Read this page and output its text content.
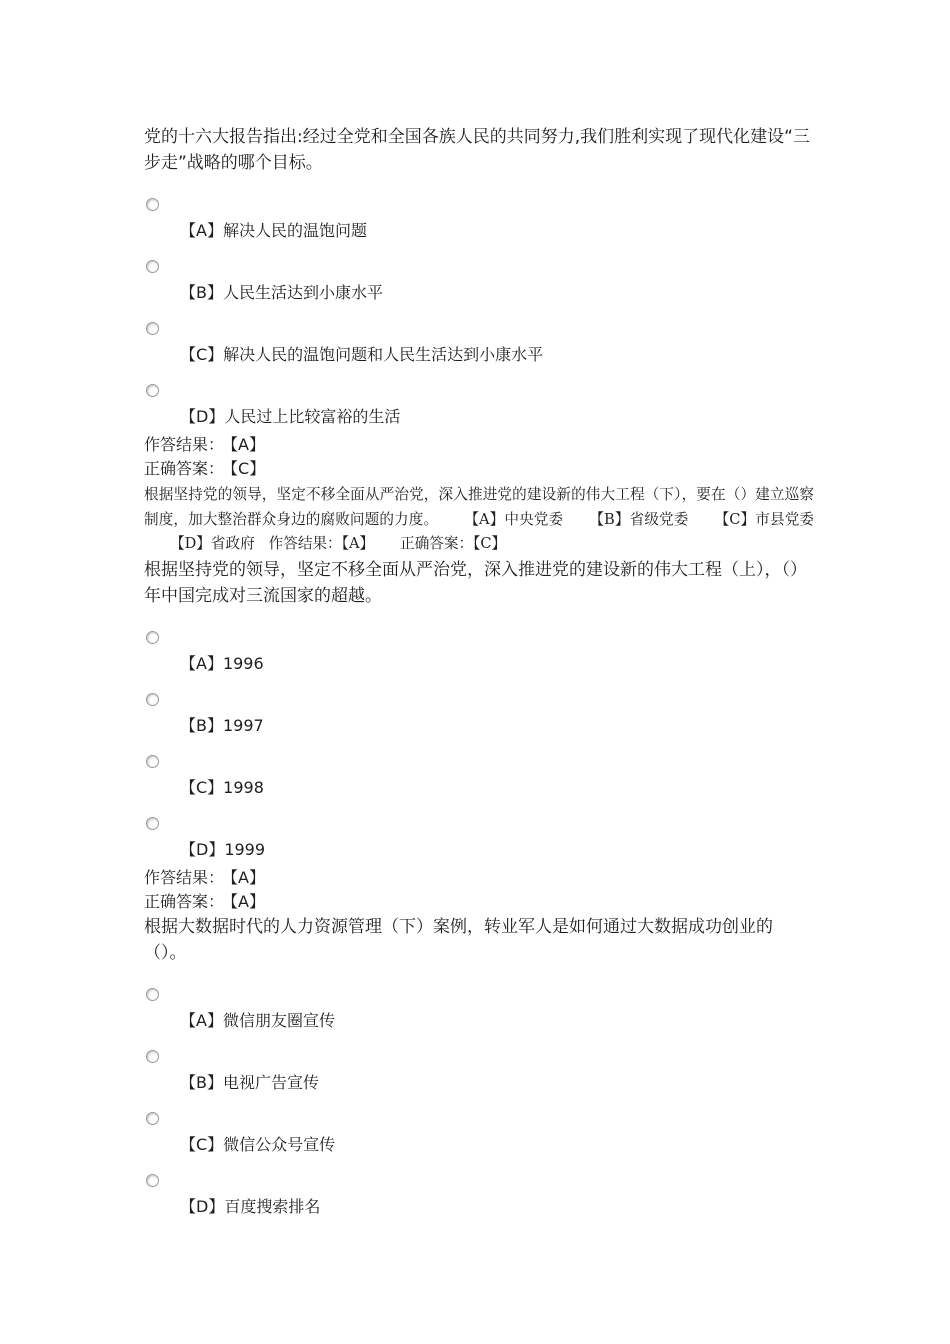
党的十六大报告指出:经过全党和全国各族人民的共同努力,我们胜利实现了现代化建设“三步走”战略的哪个目标。

【A】解决人民的温饱问题
【B】人民生活达到小康水平
【C】解决人民的温饱问题和人民生活达到小康水平
【D】人民过上比较富裕的生活

作答结果： 【A】

正确答案： 【C】

根据坚持党的领导，坚定不移全面从严治党，深入推进党的建设新的伟大工程（下），要在（）建立巡察制度，加大整治群众身边的腐败问题的力度。 【A】中央党委 【B】省级党委 【C】市县党委【D】省政府 作答结果：【A】 正确答案：【C】

根据坚持党的领导，坚定不移全面从严治党，深入推进党的建设新的伟大工程（上），（）年中国完成对三流国家的超越。

【A】1996
【B】1997
【C】1998
【D】1999

作答结果： 【A】

正确答案： 【A】

根据大数据时代的人力资源管理（下）案例，转业军人是如何通过大数据成功创业的（）。

【A】微信朋友圈宣传
【B】电视广告宣传
【C】微信公众号宣传
【D】百度搜索排名
